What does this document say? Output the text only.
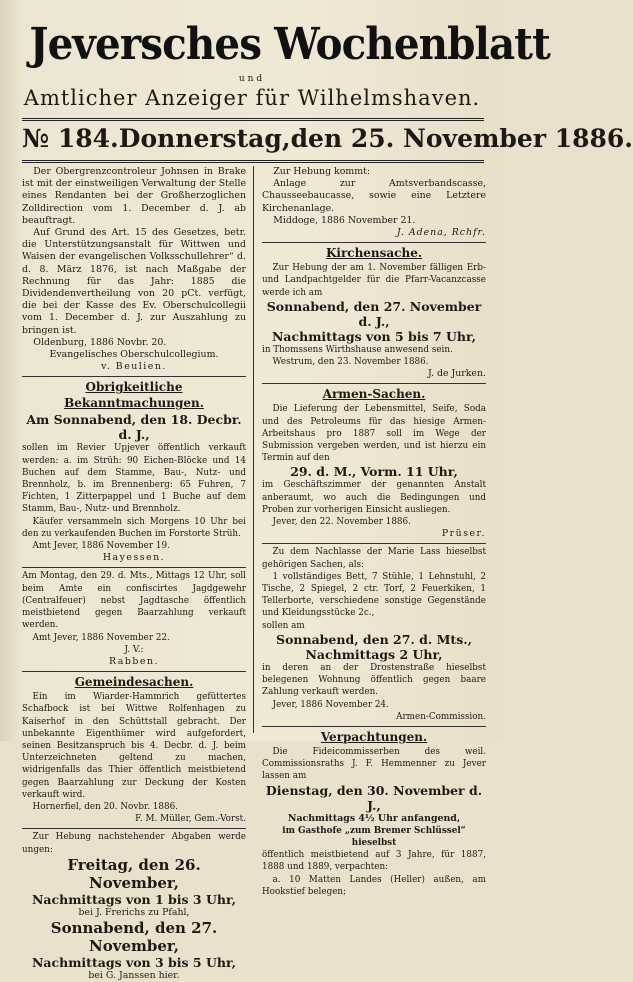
Jeversches Wochenblatt
und
Amtlicher Anzeiger für Wilhelmshaven.
№ 184. Donnerstag, den 25. November 1886.

Der Obergrenzcontroleur Johnsen in Brake ist mit der einstweiligen Verwaltung der Stelle eines Rendanten bei der Großherzoglichen Zolldirection vom 1. December d. J. ab beauftragt.

Auf Grund des Art. 15 des Gesetzes, betr. die Unterstützungsanstalt für Wittwen und Waisen der evangelischen Volksschullehrer“ d. d. 8. März 1876, ist nach Maßgabe der Rechnung für das Jahr: 1885 die Dividendenvertheilung von 20 pCt. verfügt, die bei der Kasse des Ev. Oberschulcollegii vom 1. December d. J. zur Auszahlung zu bringen ist.

Oldenburg, 1886 Novbr. 20.

Evangelisches Oberschulcollegium.

v. Beulien.

Obrigkeitliche Bekanntmachungen.

Am Sonnabend, den 18. Decbr. d. J.,

sollen im Revier Upjever öffentlich verkauft werden: a. im Strüh: 90 Eichen-Blöcke und 14 Buchen auf dem Stamme, Bau-, Nutz- und Brennholz, b. im Brennenberg: 65 Fuhren, 7 Fichten, 1 Zitterpappel und 1 Buche auf dem Stamm, Bau-, Nutz- und Brennholz.

Käufer versammeln sich Morgens 10 Uhr bei den zu verkaufenden Buchen im Forstorte Strüh.

Amt Jever, 1886 November 19.

Hayessen.

Am Montag, den 29. d. Mts., Mittags 12 Uhr, soll beim Amte ein confiscirtes Jagdgewehr (Centralfeuer) nebst Jagdtasche öffentlich meistbietend gegen Baarzahlung verkauft werden.

Amt Jever, 1886 November 22.

J. V.:

Rabben.

Gemeindesachen.

Ein im Wiarder-Hammrich gefüttertes Schafbock ist bei Wittwe Rolfenhagen zu Kaiserhof in den Schüttstall gebracht. Der unbekannte Eigenthümer wird aufgefordert, seinen Besitzanspruch bis 4. Decbr. d. J. beim Unterzeichneten geltend zu machen, widrigenfalls das Thier öffentlich meistbietend gegen Baarzahlung zur Deckung der Kosten verkauft wird.

Hornerfiel, den 20. Novbr. 1886.

F. M. Müller, Gem.-Vorst.

Zur Hebung nachstehender Abgaben werde ungen:

Freitag, den 26. November,

Nachmittags von 1 bis 3 Uhr,

bei J. Frerichs zu Pfahl,

Sonnabend, den 27. November,

Nachmittags von 3 bis 5 Uhr,

bei G. Janssen hier.

Zur Hebung kommt:

Anlage zur Amtsverbandscasse, Chausseebaucasse, sowie eine Letztere Kirchenanlage.

Middoge, 1886 November 21.

J. Adena, Rchfr.

Kirchensache.

Zur Hebung der am 1. November fälligen Erb- und Landpachtgelder für die Pfarr-Vacanzcasse werde ich am

Sonnabend, den 27. November d. J.,

Nachmittags von 5 bis 7 Uhr,

in Thomssens Wirthshause anwesend sein.

Westrum, den 23. November 1886.

J. de Jurken.

Armen-Sachen.

Die Lieferung der Lebensmittel, Seife, Soda und des Petroleums für das hiesige Armen-Arbeitshaus pro 1887 soll im Wege der Submission vergeben werden, und ist hierzu ein Termin auf den

29. d. M., Vorm. 11 Uhr,

im Geschäftszimmer der genannten Anstalt anberaumt, wo auch die Bedingungen und Proben zur vorherigen Einsicht ausliegen.

Jever, den 22. November 1886.

Prüser.

Zu dem Nachlasse der Marie Lass hieselbst gehörigen Sachen, als:

1 vollständiges Bett, 7 Stühle, 1 Lehnstuhl, 2 Tische, 2 Spiegel, 2 ctr. Torf, 2 Feuerkiken, 1 Tellerborte, verschiedene sonstige Gegenstände und Kleidungsstücke 2c.,

sollen am

Sonnabend, den 27. d. Mts.,

Nachmittags 2 Uhr,

in deren an der Drostenstraße hieselbst belegenen Wohnung öffentlich gegen baare Zahlung verkauft werden.

Jever, 1886 November 24.

Armen-Commission.

Verpachtungen.

Die Fideicommisserben des weil. Commissionsraths J. F. Hemmenner zu Jever lassen am

Dienstag, den 30. November d. J.,

Nachmittags 4½ Uhr anfangend,

im Gasthofe „zum Bremer Schlüssel“ hieselbst

öffentlich meistbietend auf 3 Jahre, für 1887, 1888 und 1889, verpachten:

a. 10 Matten Landes (Heller) außen, am Hookstief belegen;
